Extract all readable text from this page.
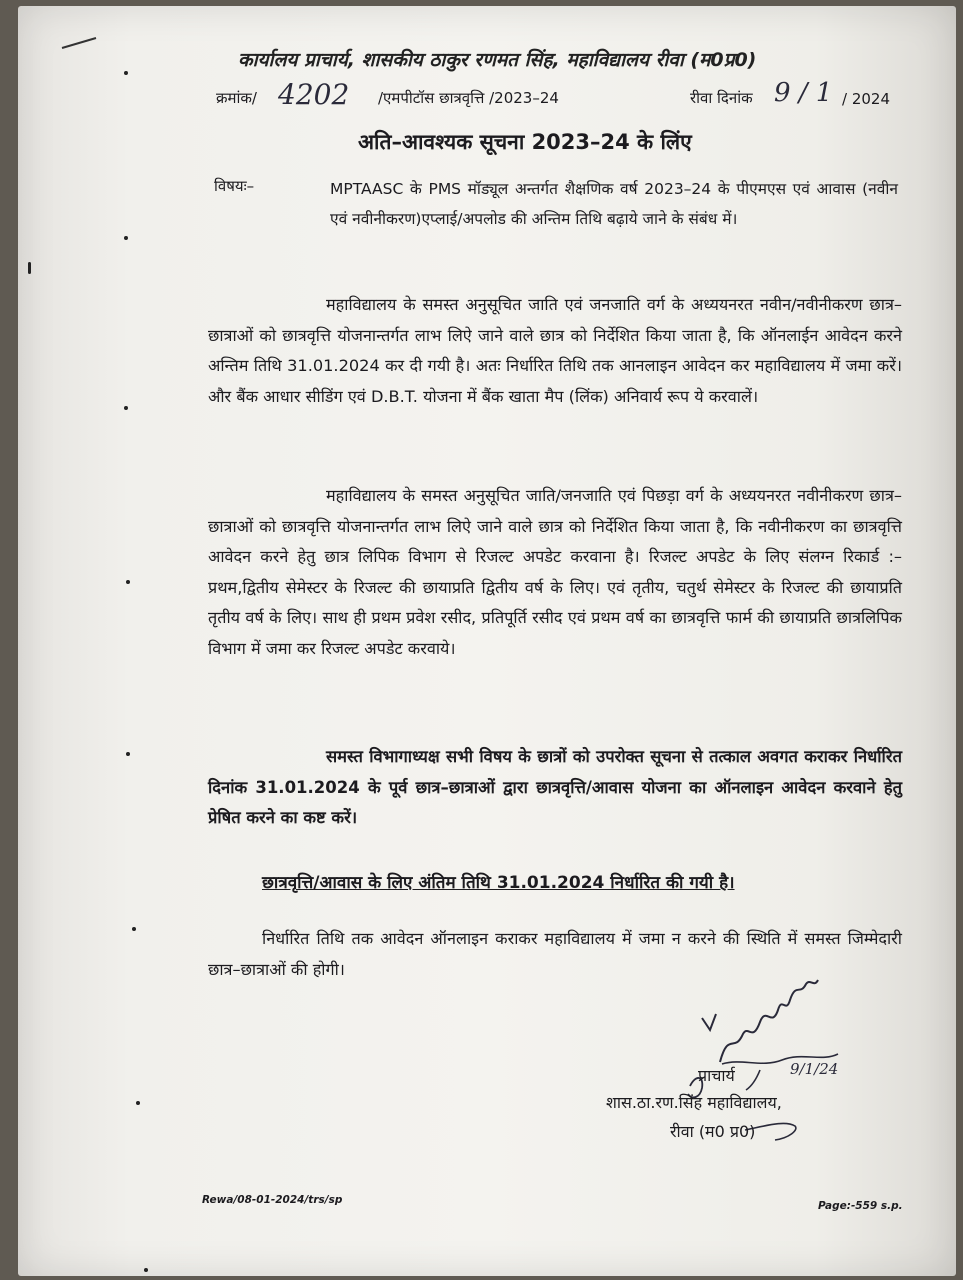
कार्यालय प्राचार्य, शासकीय ठाकुर रणमत सिंह, महाविद्यालय रीवा (म0प्र0)
क्रमांक/ 4202 /एमपीटॉस छात्रवृत्ति /2023–24	रीवा दिनांक 9 / 1 / 2024
अति–आवश्यक सूचना 2023–24 के लिंए
विषयः–	MPTAASC के PMS मॉड्यूल अन्तर्गत शैक्षणिक वर्ष 2023–24 के पीएमएस एवं आवास (नवीन एवं नवीनीकरण)एप्लाई/अपलोड की अन्तिम तिथि बढ़ाये जाने के संबंध में।
महाविद्यालय के समस्त अनुसूचित जाति एवं जनजाति वर्ग के अध्ययनरत नवीन/नवीनीकरण छात्र–छात्राओं को छात्रवृत्ति योजनान्तर्गत लाभ लिऐ जाने वाले छात्र को निर्देशित किया जाता है, कि ऑनलाईन आवेदन करने अन्तिम तिथि 31.01.2024 कर दी गयी है। अतः निर्धारित तिथि तक आनलाइन आवेदन कर महाविद्यालय में जमा करें। और बैंक आधार सीडिंग एवं D.B.T. योजना में बैंक खाता मैप (लिंक) अनिवार्य रूप ये करवालें।
महाविद्यालय के समस्त अनुसूचित जाति/जनजाति एवं पिछड़ा वर्ग के अध्ययनरत नवीनीकरण छात्र–छात्राओं को छात्रवृत्ति योजनान्तर्गत लाभ लिऐ जाने वाले छात्र को निर्देशित किया जाता है, कि नवीनीकरण का छात्रवृत्ति आवेदन करने हेतु छात्र लिपिक विभाग से रिजल्ट अपडेट करवाना है। रिजल्ट अपडेट के लिए संलग्न रिकार्ड :– प्रथम,द्वितीय सेमेस्टर के रिजल्ट की छायाप्रति द्वितीय वर्ष के लिए। एवं तृतीय, चतुर्थ सेमेस्टर के रिजल्ट की छायाप्रति तृतीय वर्ष के लिए। साथ ही प्रथम प्रवेश रसीद, प्रतिपूर्ति रसीद एवं प्रथम वर्ष का छात्रवृत्ति फार्म की छायाप्रति छात्रलिपिक विभाग में जमा कर रिजल्ट अपडेट करवाये।
समस्त विभागाध्यक्ष सभी विषय के छात्रों को उपरोक्त सूचना से तत्काल अवगत कराकर निर्धारित दिनांक 31.01.2024 के पूर्व छात्र–छात्राओं द्वारा छात्रवृत्ति/आवास योजना का ऑनलाइन आवेदन करवाने हेतु प्रेषित करने का कष्ट करें।
छात्रवृत्ति/आवास के लिए अंतिम तिथि 31.01.2024 निर्धारित की गयी है।
निर्धारित तिथि तक आवेदन ऑनलाइन कराकर महाविद्यालय में जमा न करने की स्थिति में समस्त जिम्मेदारी छात्र–छात्राओं की होगी।
9/1/24
प्राचार्य
शास.ठा.रण.सिंह महाविद्यालय,
रीवा (म0 प्र0)
Rewa/08-01-2024/trs/sp	Page:-559 s.p.
